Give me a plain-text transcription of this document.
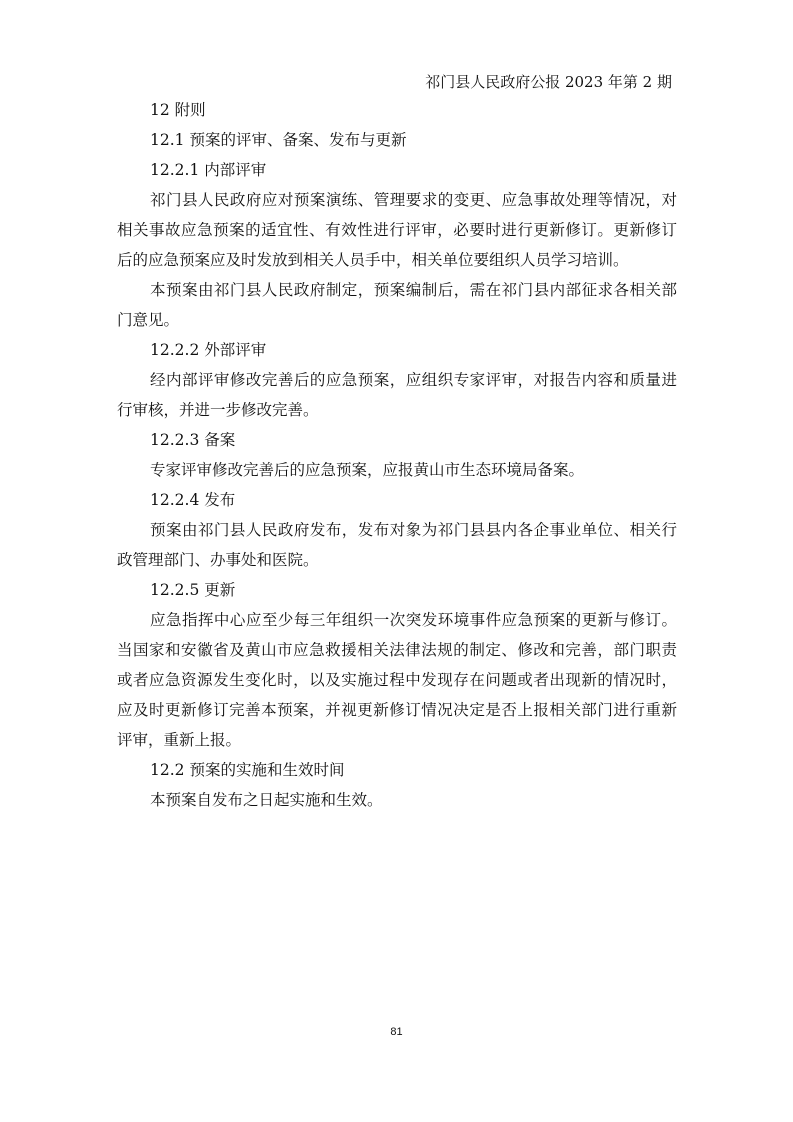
祁门县人民政府公报 2023 年第 2 期
12 附则
12.1 预案的评审、备案、发布与更新
12.2.1 内部评审
祁门县人民政府应对预案演练、管理要求的变更、应急事故处理等情况，对
相关事故应急预案的适宜性、有效性进行评审，必要时进行更新修订。更新修订
后的应急预案应及时发放到相关人员手中，相关单位要组织人员学习培训。
本预案由祁门县人民政府制定，预案编制后，需在祁门县内部征求各相关部
门意见。
12.2.2 外部评审
经内部评审修改完善后的应急预案，应组织专家评审，对报告内容和质量进
行审核，并进一步修改完善。
12.2.3 备案
专家评审修改完善后的应急预案，应报黄山市生态环境局备案。
12.2.4 发布
预案由祁门县人民政府发布，发布对象为祁门县县内各企事业单位、相关行
政管理部门、办事处和医院。
12.2.5 更新
应急指挥中心应至少每三年组织一次突发环境事件应急预案的更新与修订。
当国家和安徽省及黄山市应急救援相关法律法规的制定、修改和完善，部门职责
或者应急资源发生变化时，以及实施过程中发现存在问题或者出现新的情况时，
应及时更新修订完善本预案，并视更新修订情况决定是否上报相关部门进行重新
评审，重新上报。
12.2 预案的实施和生效时间
本预案自发布之日起实施和生效。
81
